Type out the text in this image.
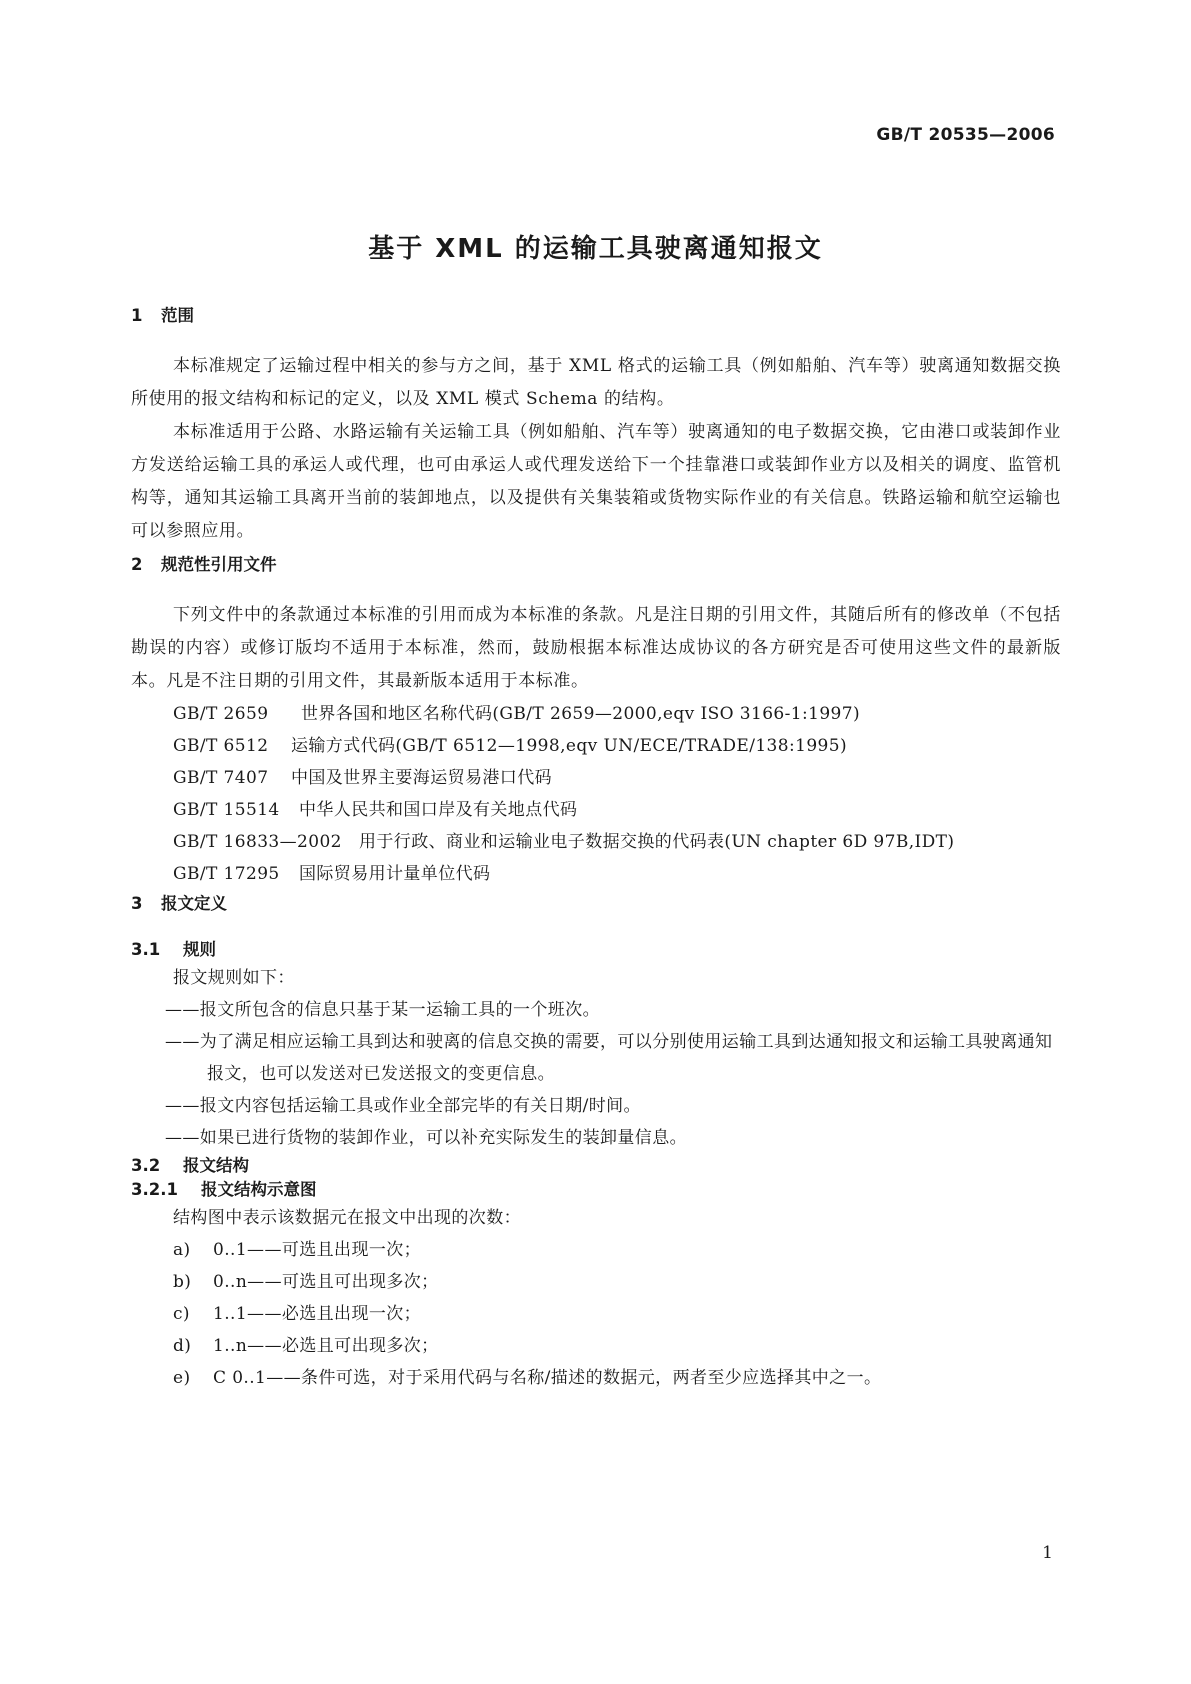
GB/T 20535—2006
基于 XML 的运输工具驶离通知报文
1 范围
本标准规定了运输过程中相关的参与方之间，基于 XML 格式的运输工具（例如船舶、汽车等）驶离通知数据交换所使用的报文结构和标记的定义，以及 XML 模式 Schema 的结构。
本标准适用于公路、水路运输有关运输工具（例如船舶、汽车等）驶离通知的电子数据交换，它由港口或装卸作业方发送给运输工具的承运人或代理，也可由承运人或代理发送给下一个挂靠港口或装卸作业方以及相关的调度、监管机构等，通知其运输工具离开当前的装卸地点，以及提供有关集装箱或货物实际作业的有关信息。铁路运输和航空运输也可以参照应用。
2 规范性引用文件
下列文件中的条款通过本标准的引用而成为本标准的条款。凡是注日期的引用文件，其随后所有的修改单（不包括勘误的内容）或修订版均不适用于本标准，然而，鼓励根据本标准达成协议的各方研究是否可使用这些文件的最新版本。凡是不注日期的引用文件，其最新版本适用于本标准。
GB/T 2659 世界各国和地区名称代码(GB/T 2659—2000,eqv ISO 3166-1:1997)
GB/T 6512 运输方式代码(GB/T 6512—1998,eqv UN/ECE/TRADE/138:1995)
GB/T 7407 中国及世界主要海运贸易港口代码
GB/T 15514 中华人民共和国口岸及有关地点代码
GB/T 16833—2002 用于行政、商业和运输业电子数据交换的代码表(UN chapter 6D 97B,IDT)
GB/T 17295 国际贸易用计量单位代码
3 报文定义
3.1 规则
报文规则如下：
——报文所包含的信息只基于某一运输工具的一个班次。
——为了满足相应运输工具到达和驶离的信息交换的需要，可以分别使用运输工具到达通知报文和运输工具驶离通知报文，也可以发送对已发送报文的变更信息。
——报文内容包括运输工具或作业全部完毕的有关日期/时间。
——如果已进行货物的装卸作业，可以补充实际发生的装卸量信息。
3.2 报文结构
3.2.1 报文结构示意图
结构图中表示该数据元在报文中出现的次数：
a) 0..1——可选且出现一次；
b) 0..n——可选且可出现多次；
c) 1..1——必选且出现一次；
d) 1..n——必选且可出现多次；
e) C 0..1——条件可选，对于采用代码与名称/描述的数据元，两者至少应选择其中之一。
1
